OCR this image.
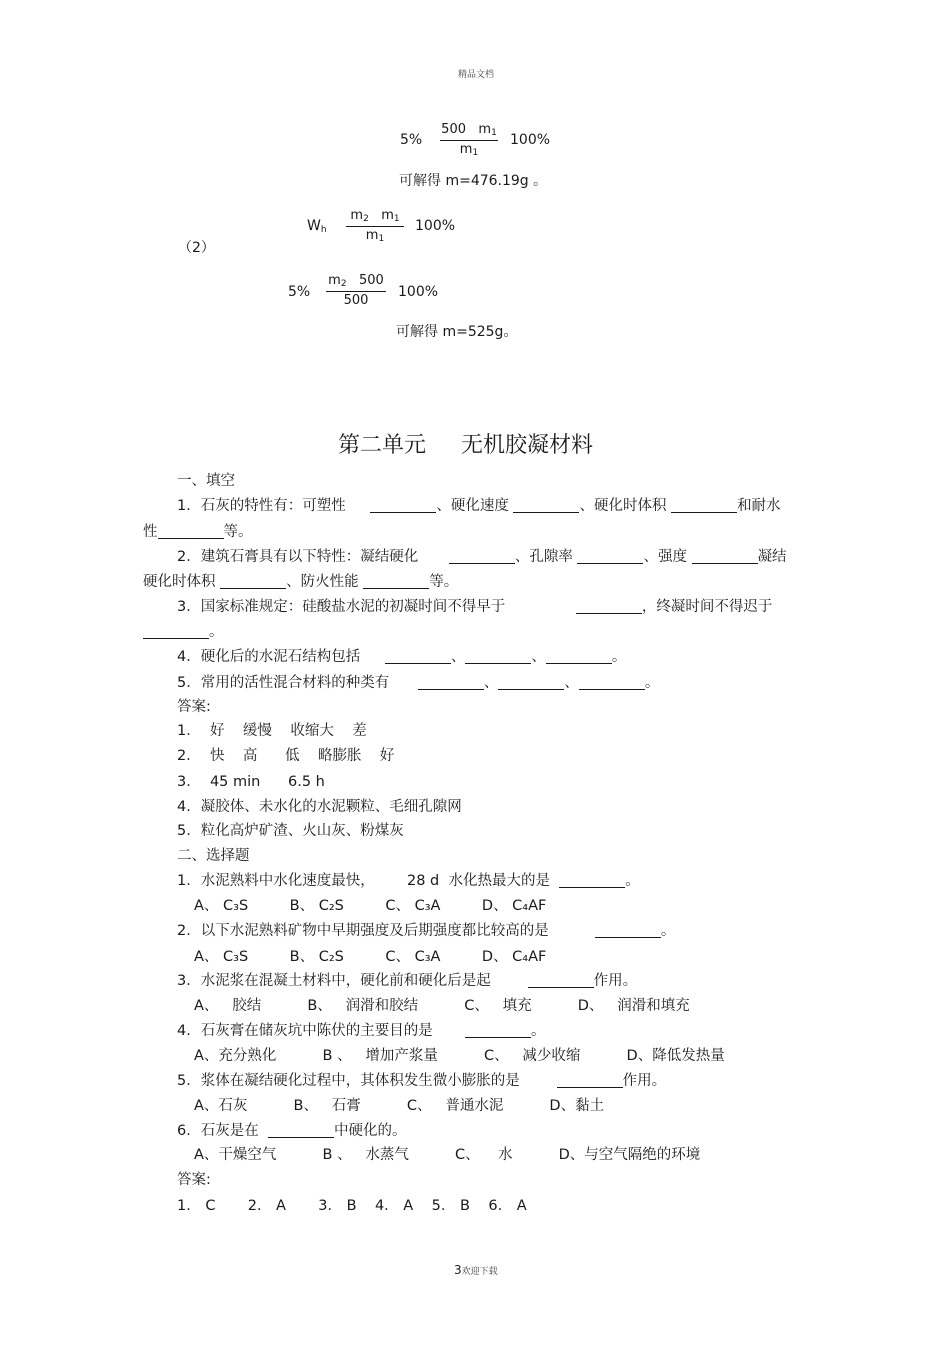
精品文档
5%
500 $m_1$
$m_1$
100%
可解得 m=476.19g 。
$W_h$
$m_2$ $m_1$
$m_1$
100%
（2）
5%
$m_2$ 500
500
100%
可解得 m=525g。
第二单元     无机胶凝材料
一、填空
1．石灰的特性有：可塑性	、硬化速度	、硬化时体积	和耐水
性	等。
2．建筑石膏具有以下特性：凝结硬化	、孔隙率	、强度	凝结
硬化时体积	、防火性能	等。
3．国家标准规定：硅酸盐水泥的初凝时间不得早于	，终凝时间不得迟于
。
4．硬化后的水泥石结构包括	、	、	。
5．常用的活性混合材料的种类有	、	、	。
答案:
1．  好    缓慢    收缩大    差
2．  快    高      低    略膨胀    好
3．  45 min      6.5 h
4．凝胶体、未水化的水泥颗粒、毛细孔隙网
5．粒化高炉矿渣、火山灰、粉煤灰
二、选择题
1．水泥熟料中水化速度最快，       28 d  水化热最大的是	。
A、 C₃S         B、 C₂S         C、 C₃A         D、 C₄AF
2．以下水泥熟料矿物中早期强度及后期强度都比较高的是	。
A、 C₃S         B、 C₂S         C、 C₃A         D、 C₄AF
3．水泥浆在混凝土材料中，硬化前和硬化后是起	作用。
A、   胶结          B、   润滑和胶结          C、   填充          D、   润滑和填充
4．石灰膏在储灰坑中陈伏的主要目的是	。
A、充分熟化          B 、   增加产浆量          C、   减少收缩          D、降低发热量
5．浆体在凝结硬化过程中，其体积发生微小膨胀的是	作用。
A、石灰          B、   石膏          C、   普通水泥          D、黏土
6．石灰是在	中硬化的。
A、干燥空气          B 、   水蒸气          C、    水          D、与空气隔绝的环境
答案:
1． C       2． A       3． B    4． A    5． B    6． A
3欢迎下载
